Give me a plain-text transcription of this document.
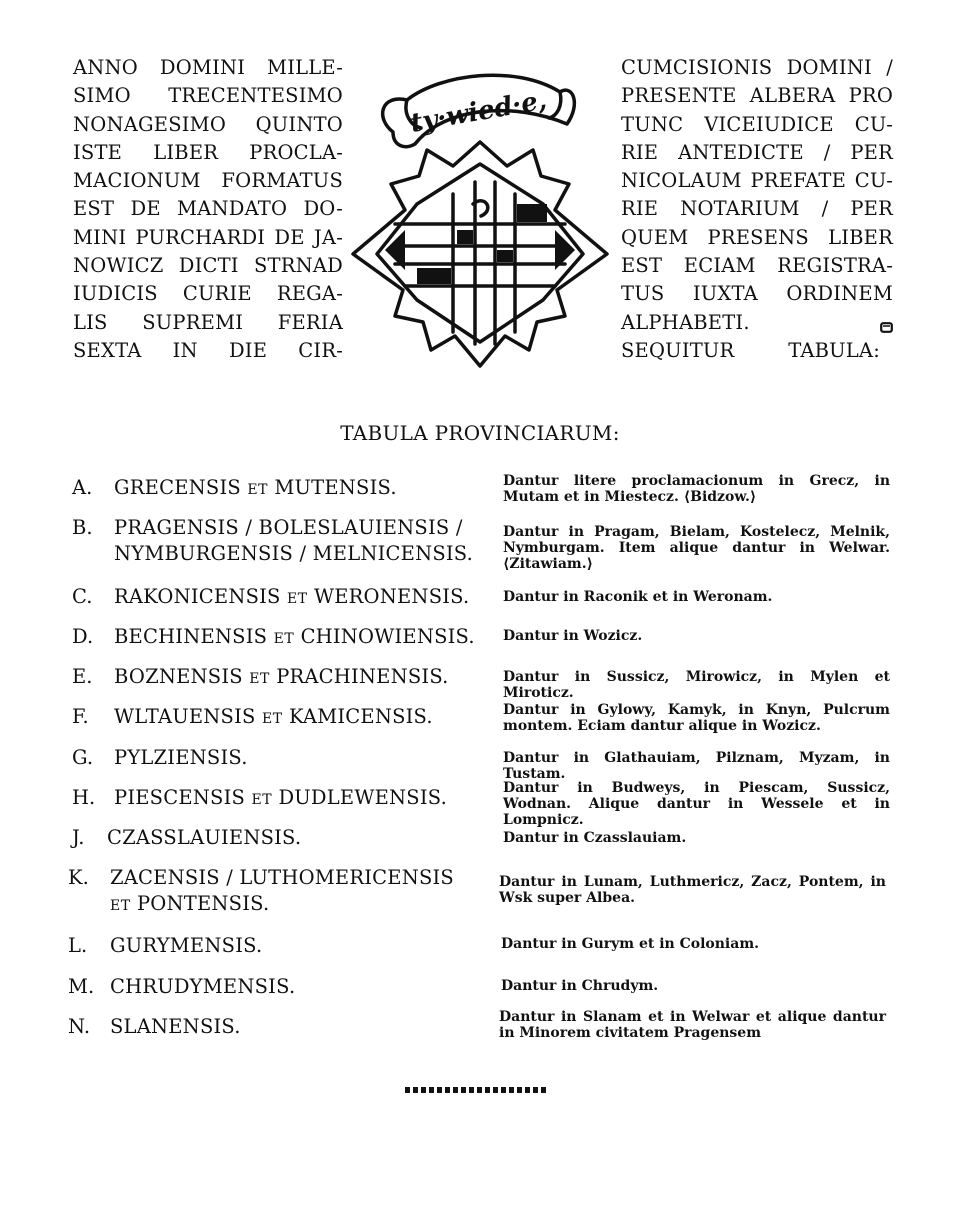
ANNO DOMINI MILLE-
SIMO TRECENTESIMO
NONAGESIMO QUINTO
ISTE LIBER PROCLA-
MACIONUM FORMATUS
EST DE MANDATO DO-
MINI PURCHARDI DE JA-
NOWICZ DICTI STRNAD
IUDICIS CURIE REGA-
LIS SUPREMI FERIA
SEXTA IN DIE CIR-
ty·wied·e,
CUMCISIONIS DOMINI /
PRESENTE ALBERA PRO
TUNC VICEIUDICE CU-
RIE ANTEDICTE / PER
NICOLAUM PREFATE CU-
RIE NOTARIUM / PER
QUEM PRESENS LIBER
EST ECIAM REGISTRA-
TUS IUXTA ORDINEM
ALPHABETI.
SEQUITUR TABULA:
TABULA PROVINCIARUM:
A. GRECENSIS ET MUTENSIS.	Dantur litere proclamacionum in Grecz, in Mutam et in Miestecz. ⟨Bidzow.⟩
B. PRAGENSIS / BOLESLAUIENSIS /
NYMBURGENSIS / MELNICENSIS.
Dantur in Pragam, Bielam, Kostelecz, Melnik, Nymburgam. Item alique dantur in Welwar. ⟨Zitawiam.⟩
C. RAKONICENSIS ET WERONENSIS.	Dantur in Raconik et in Weronam.
D. BECHINENSIS ET CHINOWIENSIS.	Dantur in Wozicz.
E. BOZNENSIS ET PRACHINENSIS.	Dantur in Sussicz, Mirowicz, in Mylen et Miroticz.
F. WLTAUENSIS ET KAMICENSIS.	Dantur in Gylowy, Kamyk, in Knyn, Pulcrum montem. Eciam dantur alique in Wozicz.
G. PYLZIENSIS.	Dantur in Glathauiam, Pilznam, Myzam, in Tustam.
H. PIESCENSIS ET DUDLEWENSIS.	Dantur in Budweys, in Piescam, Sussicz, Wodnan. Alique dantur in Wessele et in Lompnicz.
J. CZASSLAUIENSIS.	Dantur in Czasslauiam.
K. ZACENSIS / LUTHOMERICENSIS
ET PONTENSIS.
Dantur in Lunam, Luthmericz, Zacz, Pontem, in Wsk super Albea.
L. GURYMENSIS.	Dantur in Gurym et in Coloniam.
M. CHRUDYMENSIS.	Dantur in Chrudym.
N. SLANENSIS.	Dantur in Slanam et in Welwar et alique dantur in Minorem civitatem Pragensem
